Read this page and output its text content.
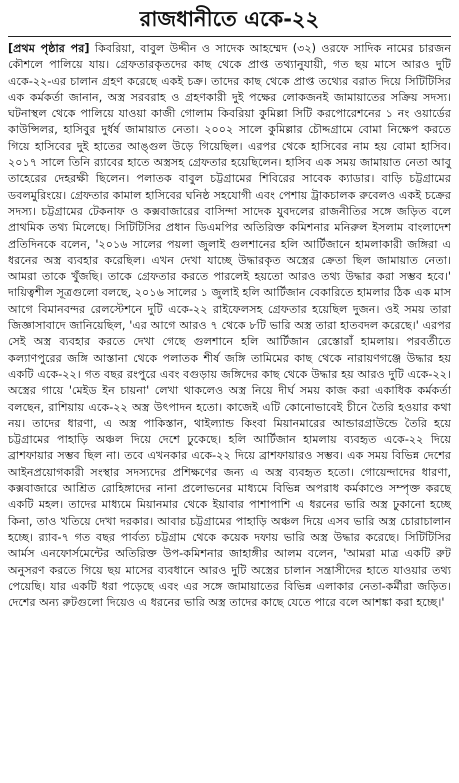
রাজধানীতে একে-২২

[প্রথম পৃষ্ঠার পর] কিবরিয়া, বাবুল উদ্দীন ও সাদেক আহম্মেদ (৩২) ওরফে সাদিক নামের চারজন কৌশলে পালিয়ে যায়। গ্রেফতারকৃতদের কাছ থেকে প্রাপ্ত তথ্যানুযায়ী, গত ছয় মাসে আরও দুটি একে-২২-এর চালান গ্রহণ করেছে একই চক্র। তাদের কাছ থেকে প্রাপ্ত তথ্যের বরাত দিয়ে সিটিটিসির এক কর্মকর্তা জানান, অস্ত্র সরবরাহ ও গ্রহণকারী দুই পক্ষের লোকজনই জামায়াতের সক্রিয় সদস্য। ঘটনাস্থল থেকে পালিয়ে যাওয়া কাজী গোলাম কিবরিয়া কুমিল্লা সিটি করপোরেশনের ১ নং ওয়ার্ডের কাউন্সিলর, হাসিবুর দুর্ধর্ষ জামায়াত নেতা। ২০০২ সালে কুমিল্লার চৌদ্দগ্রামে বোমা নিক্ষেপ করতে গিয়ে হাসিবের দুই হাতের আঙ্গুল উড়ে গিয়েছিল। এরপর থেকে হাসিবের নাম হয় বোমা হাসিব। ২০১৭ সালে তিনি র‌্যাবের হাতে অস্ত্রসহ গ্রেফতার হয়েছিলেন। হাসিব এক সময় জামায়াত নেতা আবু তাহেরের দেহরক্ষী ছিলেন। পলাতক বাবুল চট্টগ্রামের শিবিরের সাবেক ক্যাডার। বাড়ি চট্টগ্রামের ডবলমুরিংয়ে। গ্রেফতার কামাল হাসিবের ঘনিষ্ঠ সহযোগী এবং পেশায় ট্রাকচালক রুবেলও একই চক্রের সদস্য। চট্টগ্রামের টেকনাফ ও কক্সবাজারের বাসিন্দা সাদেক যুবদলের রাজনীতির সঙ্গে জড়িত বলে প্রাথমিক তথ্য মিলেছে। সিটিটিসির প্রধান ডিএমপির অতিরিক্ত কমিশনার মনিরুল ইসলাম বাংলাদেশ প্রতিদিনকে বলেন, '২০১৬ সালের পয়লা জুলাই গুলশানের হলি আর্টিজানে হামলাকারী জঙ্গিরা এ ধরনের অস্ত্র ব্যবহার করেছিল। এখন দেখা যাচ্ছে উদ্ধারকৃত অস্ত্রের ক্রেতা ছিল জামায়াত নেতা। আমরা তাকে খুঁজছি। তাকে গ্রেফতার করতে পারলেই হয়তো আরও তথ্য উদ্ধার করা সম্ভব হবে।' দায়িত্বশীল সূত্রগুলো বলছে, ২০১৬ সালের ১ জুলাই হলি আর্টিজান বেকারিতে হামলার ঠিক এক মাস আগে বিমানবন্দর রেলস্টেশনে দুটি একে-২২ রাইফেলসহ গ্রেফতার হয়েছিল দুজন। ওই সময় তারা জিজ্ঞাসাবাদে জানিয়েছিল, 'এর আগে আরও ৭ থেকে ৮টি ভারি অস্ত্র তারা হাতবদল করেছে।' এরপর সেই অস্ত্র ব্যবহার করতে দেখা গেছে গুলশানে হলি আর্টিজান রেস্তোরাঁ হামলায়। পরবর্তীতে কল্যাণপুরের জঙ্গি আস্তানা থেকে পলাতক শীর্ষ জঙ্গি তামিমের কাছ থেকে নারায়ণগঞ্জে উদ্ধার হয় একটি একে-২২। গত বছর রংপুরে এবং বগুড়ায় জঙ্গিদের কাছ থেকে উদ্ধার হয় আরও দুটি একে-২২। অস্ত্রের গায়ে 'মেইড ইন চায়না' লেখা থাকলেও অস্ত্র নিয়ে দীর্ঘ সময় কাজ করা একাধিক কর্মকর্তা বলছেন, রাশিয়ায় একে-২২ অস্ত্র উৎপাদন হতো। কাজেই এটি কোনোভাবেই চীনে তৈরি হওয়ার কথা নয়। তাদের ধারণা, এ অস্ত্র পাকিস্তান, থাইল্যান্ড কিংবা মিয়ানমারের আন্ডারগ্রাউন্ডে তৈরি হয়ে চট্টগ্রামের পাহাড়ি অঞ্চল দিয়ে দেশে ঢুকেছে। হলি আর্টিজান হামলায় ব্যবহৃত একে-২২ দিয়ে ব্রাশফায়ার সম্ভব ছিল না। তবে এখনকার একে-২২ দিয়ে ব্রাশফায়ারও সম্ভব। এক সময় বিভিন্ন দেশের আইনপ্রয়োগকারী সংস্থার সদস্যদের প্রশিক্ষণের জন্য এ অস্ত্র ব্যবহৃত হতো। গোয়েন্দাদের ধারণা, কক্সবাজারে আশ্রিত রোহিঙ্গাদের নানা প্রলোভনের মাধ্যমে বিভিন্ন অপরাধ কর্মকাণ্ডে সম্পৃক্ত করছে একটি মহল। তাদের মাধ্যমে মিয়ানমার থেকে ইয়াবার পাশাপাশি এ ধরনের ভারি অস্ত্র ঢুকানো হচ্ছে কিনা, তাও খতিয়ে দেখা দরকার। আবার চট্টগ্রামের পাহাড়ি অঞ্চল দিয়ে এসব ভারি অস্ত্র চোরাচালান হচ্ছে। র‌্যাব-৭ গত বছর পার্বত্য চট্টগ্রাম থেকে কয়েক দফায় ভারি অস্ত্র উদ্ধার করেছে। সিটিটিসির আর্মস এনফোর্সমেন্টের অতিরিক্ত উপ-কমিশনার জাহাঙ্গীর আলম বলেন, 'আমরা মাত্র একটি রুট অনুসরণ করতে গিয়ে ছয় মাসের ব্যবধানে আরও দুটি অস্ত্রের চালান সন্ত্রাসীদের হাতে যাওয়ার তথ্য পেয়েছি। যার একটি ধরা পড়েছে এবং এর সঙ্গে জামায়াতের বিভিন্ন এলাকার নেতা-কর্মীরা জড়িত। দেশের অন্য রুটগুলো দিয়েও এ ধরনের ভারি অস্ত্র তাদের কাছে যেতে পারে বলে আশঙ্কা করা হচ্ছে।'
